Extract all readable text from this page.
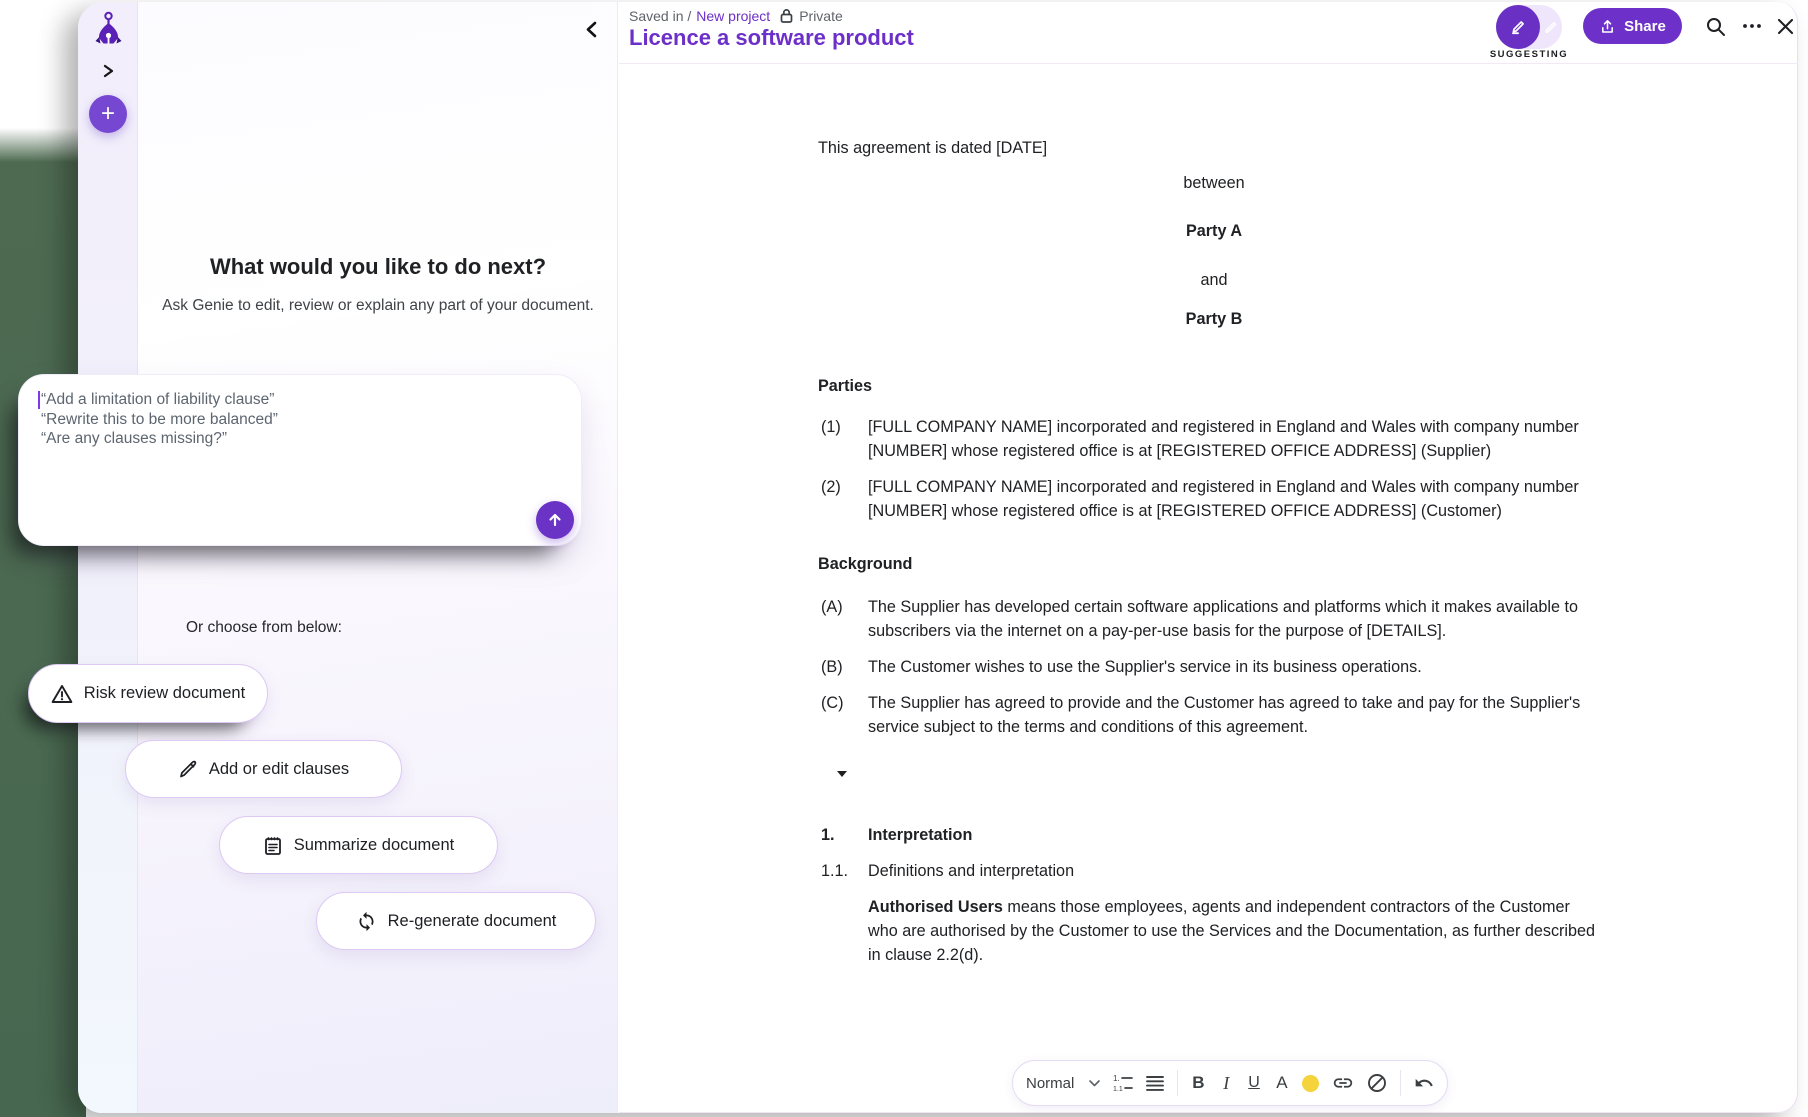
+
What would you like to do next?
Ask Genie to edit, review or explain any part of your document.
“Add a limitation of liability clause”
“Rewrite this to be more balanced”
“Are any clauses missing?”
Or choose from below:
Risk review document
Add or edit clauses
Summarize document
Re-generate document
Saved in / New project Private
Licence a software product
SUGGESTING
Share
This agreement is dated [DATE]
between
Party A
and
Party B
Parties
(1) [FULL COMPANY NAME] incorporated and registered in England and Wales with company number [NUMBER] whose registered office is at [REGISTERED OFFICE ADDRESS] (Supplier)
(2) [FULL COMPANY NAME] incorporated and registered in England and Wales with company number [NUMBER] whose registered office is at [REGISTERED OFFICE ADDRESS] (Customer)
Background
(A) The Supplier has developed certain software applications and platforms which it makes available to subscribers via the internet on a pay-per-use basis for the purpose of [DETAILS].
(B) The Customer wishes to use the Supplier's service in its business operations.
(C) The Supplier has agreed to provide and the Customer has agreed to take and pay for the Supplier's service subject to the terms and conditions of this agreement.
1. Interpretation
1.1. Definitions and interpretation
Authorised Users means those employees, agents and independent contractors of the Customer who are authorised by the Customer to use the Services and the Documentation, as further described in clause 2.2(d).
Normal	1.
1.1	B I U A
